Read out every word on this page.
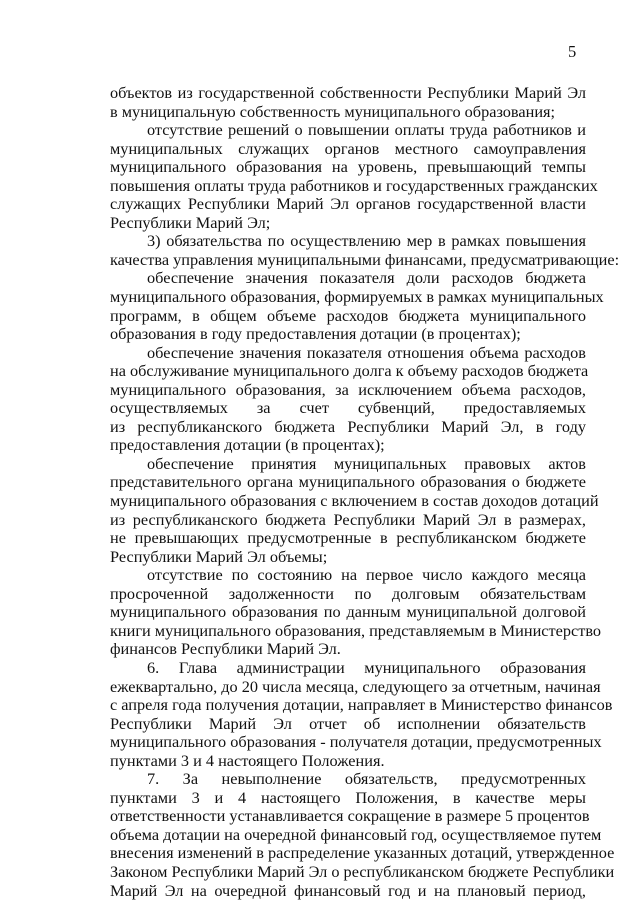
5
объектов из государственной собственности Республики Марий Эл
в муниципальную собственность муниципального образования;
отсутствие решений о повышении оплаты труда работников и
муниципальных служащих органов местного самоуправления
муниципального образования на уровень, превышающий темпы
повышения оплаты труда работников и государственных гражданских
служащих Республики Марий Эл органов государственной власти
Республики Марий Эл;
3) обязательства по осуществлению мер в рамках повышения
качества управления муниципальными финансами, предусматривающие:
обеспечение значения показателя доли расходов бюджета
муниципального образования, формируемых в рамках муниципальных
программ, в общем объеме расходов бюджета муниципального
образования в году предоставления дотации (в процентах);
обеспечение значения показателя отношения объема расходов
на обслуживание муниципального долга к объему расходов бюджета
муниципального образования, за исключением объема расходов,
осуществляемых за счет субвенций, предоставляемых
из республиканского бюджета Республики Марий Эл, в году
предоставления дотации (в процентах);
обеспечение принятия муниципальных правовых актов
представительного органа муниципального образования о бюджете
муниципального образования с включением в состав доходов дотаций
из республиканского бюджета Республики Марий Эл в размерах,
не превышающих предусмотренные в республиканском бюджете
Республики Марий Эл объемы;
отсутствие по состоянию на первое число каждого месяца
просроченной задолженности по долговым обязательствам
муниципального образования по данным муниципальной долговой
книги муниципального образования, представляемым в Министерство
финансов Республики Марий Эл.
6. Глава администрации муниципального образования
ежеквартально, до 20 числа месяца, следующего за отчетным, начиная
с апреля года получения дотации, направляет в Министерство финансов
Республики Марий Эл отчет об исполнении обязательств
муниципального образования - получателя дотации, предусмотренных
пунктами 3 и 4 настоящего Положения.
7. За невыполнение обязательств, предусмотренных
пунктами 3 и 4 настоящего Положения, в качестве меры
ответственности устанавливается сокращение в размере 5 процентов
объема дотации на очередной финансовый год, осуществляемое путем
внесения изменений в распределение указанных дотаций, утвержденное
Законом Республики Марий Эл о республиканском бюджете Республики
Марий Эл на очередной финансовый год и на плановый период,
